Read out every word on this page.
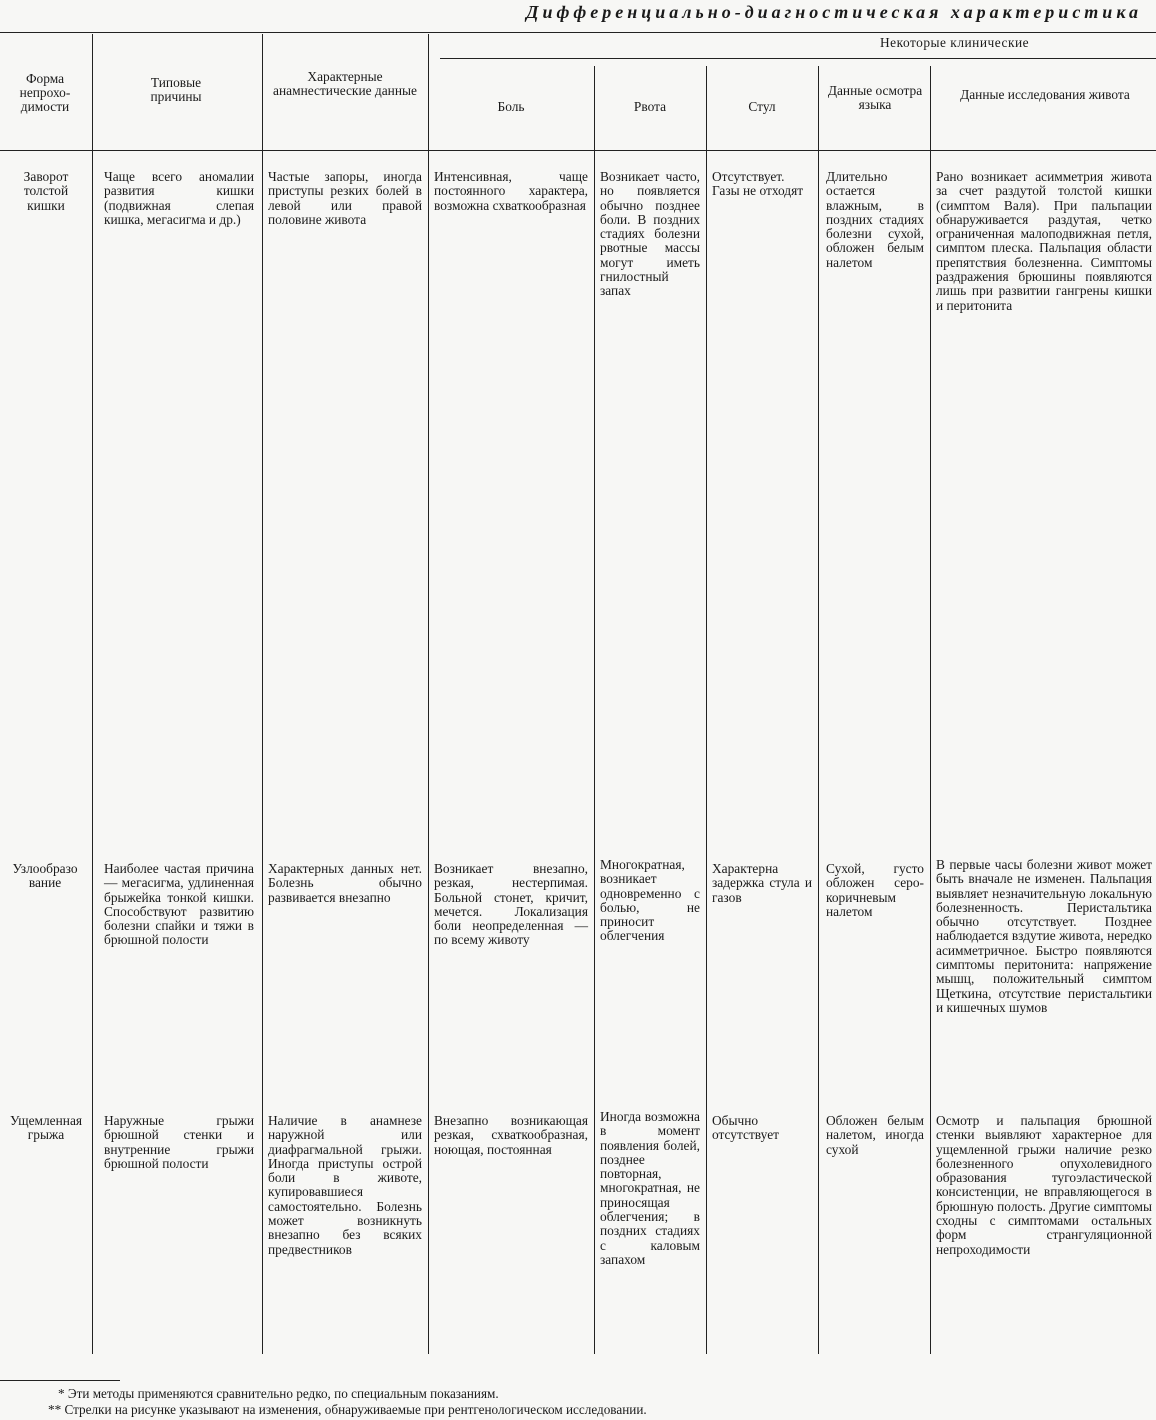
Дифференциально-диагностическая характеристика
Некоторые клинические
Форма непрохо-димости
Типовые причины
Характерные анамнестические данные
Боль	Рвота	Стул
Данные осмотра языка
Данные исследования живота
Заворот толстой кишки
Чаще всего аномалии развития кишки (подвижная слепая кишка, мегасигма и др.)
Частые запоры, иногда приступы резких болей в левой или правой половине живота
Интенсивная, чаще постоянного характера, возможна схваткообразная
Возникает часто, но появляется обычно позднее боли. В поздних стадиях болезни рвотные массы могут иметь гнилостный запах
Отсутствует. Газы не отходят
Длительно остается влажным, в поздних стадиях болезни сухой, обложен белым налетом
Рано возникает асимметрия живота за счет раздутой толстой кишки (симптом Валя). При пальпации обнаруживается раздутая, четко ограниченная малоподвижная петля, симптом плеска. Пальпация области препятствия болезненна. Симптомы раздражения брюшины появляются лишь при развитии гангрены кишки и перитонита
Узлообразование
Наиболее частая причина — мегасигма, удлиненная брыжейка тонкой кишки. Способствуют развитию болезни спайки и тяжи в брюшной полости
Характерных данных нет. Болезнь обычно развивается внезапно
Возникает внезапно, резкая, нестерпимая. Больной стонет, кричит, мечется. Локализация боли неопределенная — по всему животу
Многократная, возникает одновременно с болью, не приносит облегчения
Характерна задержка стула и газов
Сухой, густо обложен серо-коричневым налетом
В первые часы болезни живот может быть вначале не изменен. Пальпация выявляет незначительную локальную болезненность. Перистальтика обычно отсутствует. Позднее наблюдается вздутие живота, нередко асимметричное. Быстро появляются симптомы перитонита: напряжение мышц, положительный симптом Щеткина, отсутствие перистальтики и кишечных шумов
Ущемленная грыжа
Наружные грыжи брюшной стенки и внутренние грыжи брюшной полости
Наличие в анамнезе наружной или диафрагмальной грыжи. Иногда приступы острой боли в животе, купировавшиеся самостоятельно. Болезнь может возникнуть внезапно без всяких предвестников
Внезапно возникающая резкая, схваткообразная, ноющая, постоянная
Иногда возможна в момент появления болей, позднее повторная, многократная, не приносящая облегчения; в поздних стадиях с каловым запахом
Обычно отсутствует
Обложен белым налетом, иногда сухой
Осмотр и пальпация брюшной стенки выявляют характерное для ущемленной грыжи наличие резко болезненного опухолевидного образования тугоэластической консистенции, не вправляющегося в брюшную полость. Другие симптомы сходны с симптомами остальных форм странгуляционной непроходимости
* Эти методы применяются сравнительно редко, по специальным показаниям.
** Стрелки на рисунке указывают на изменения, обнаруживаемые при рентгенологическом исследовании.
